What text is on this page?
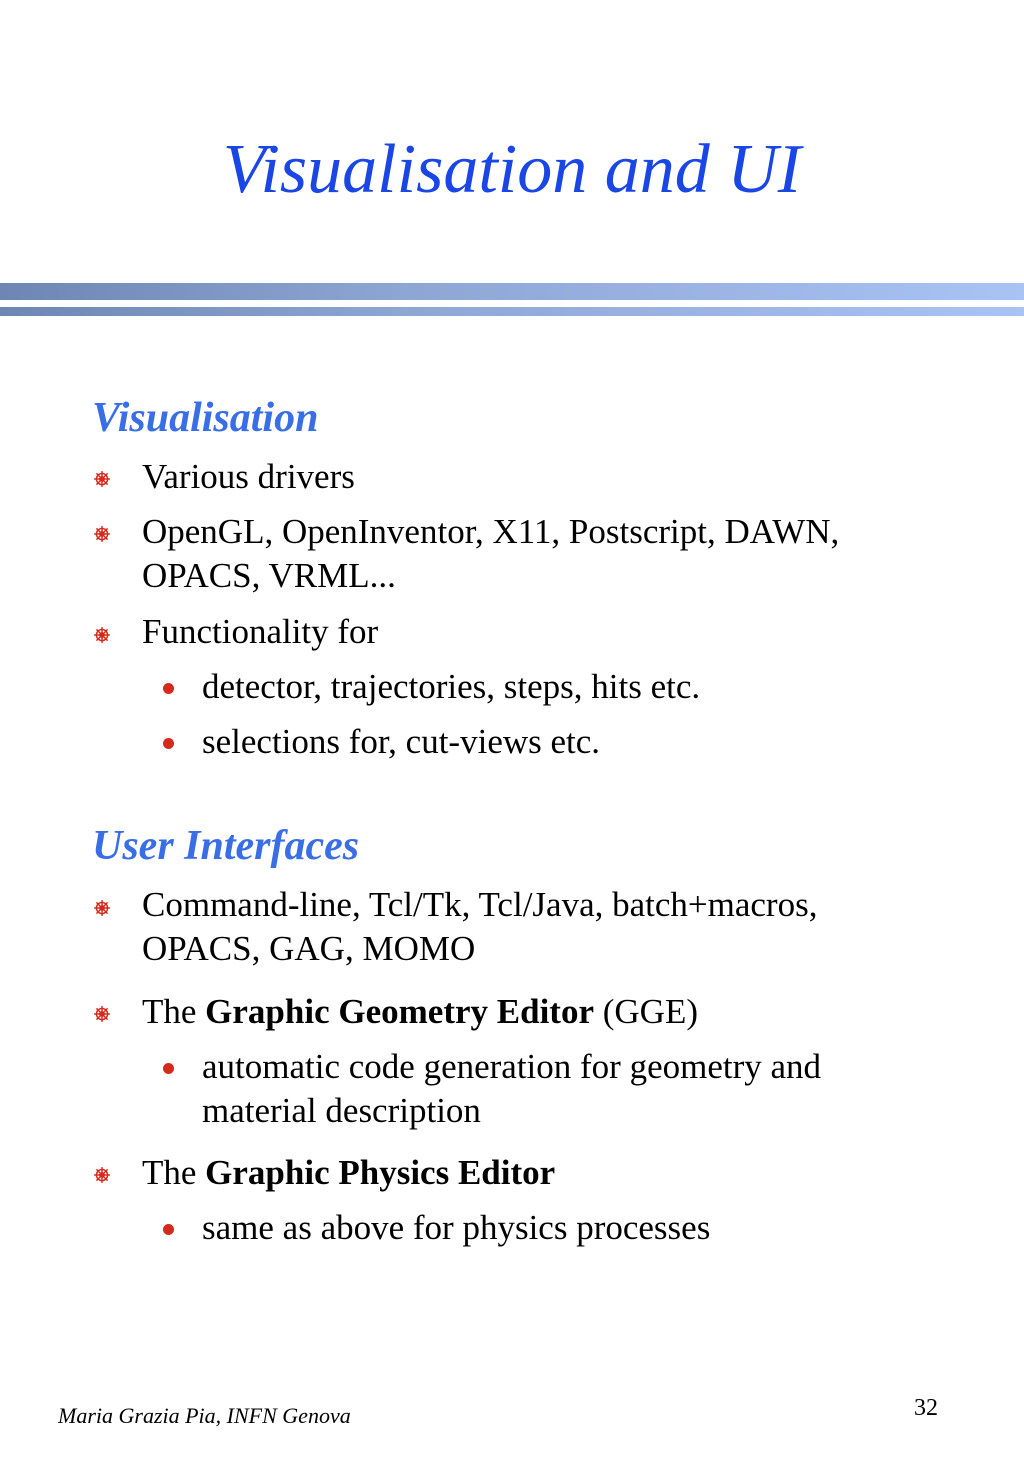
Visualisation and UI
Visualisation

Various drivers

OpenGL, OpenInventor, X11, Postscript, DAWN, OPACS, VRML...

Functionality for

detector, trajectories, steps, hits etc.

selections for, cut-views etc.

User Interfaces

Command-line, Tcl/Tk, Tcl/Java, batch+macros, OPACS, GAG, MOMO

The Graphic Geometry Editor (GGE)

automatic code generation for geometry and material description

The Graphic Physics Editor

same as above for physics processes

Maria Grazia Pia, INFN Genova	32
